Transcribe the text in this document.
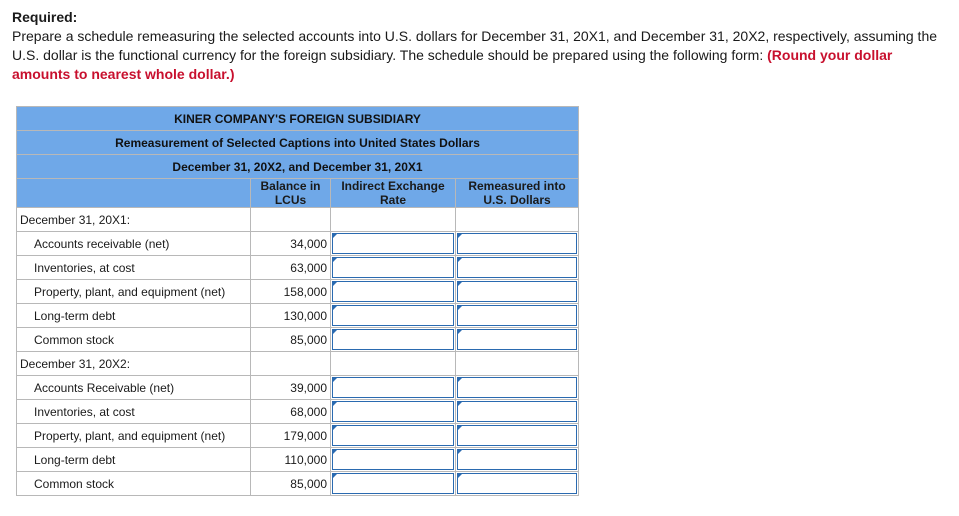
Required:
Prepare a schedule remeasuring the selected accounts into U.S. dollars for December 31, 20X1, and December 31, 20X2, respectively, assuming the U.S. dollar is the functional currency for the foreign subsidiary. The schedule should be prepared using the following form: (Round your dollar amounts to nearest whole dollar.)
KINER COMPANY'S FOREIGN SUBSIDIARY			
Remeasurement of Selected Captions into United States Dollars			
December 31, 20X2, and December 31, 20X1			
	Balance in LCUs	Indirect Exchange Rate	Remeasured into U.S. Dollars
December 31, 20X1:			
Accounts receivable (net)	34,000	

Inventories, at cost	63,000	

Property, plant, and equipment (net)	158,000	

Long-term debt	130,000	

Common stock	85,000	

December 31, 20X2:			
Accounts Receivable (net)	39,000	

Inventories, at cost	68,000	

Property, plant, and equipment (net)	179,000	

Long-term debt	110,000	

Common stock	85,000	
